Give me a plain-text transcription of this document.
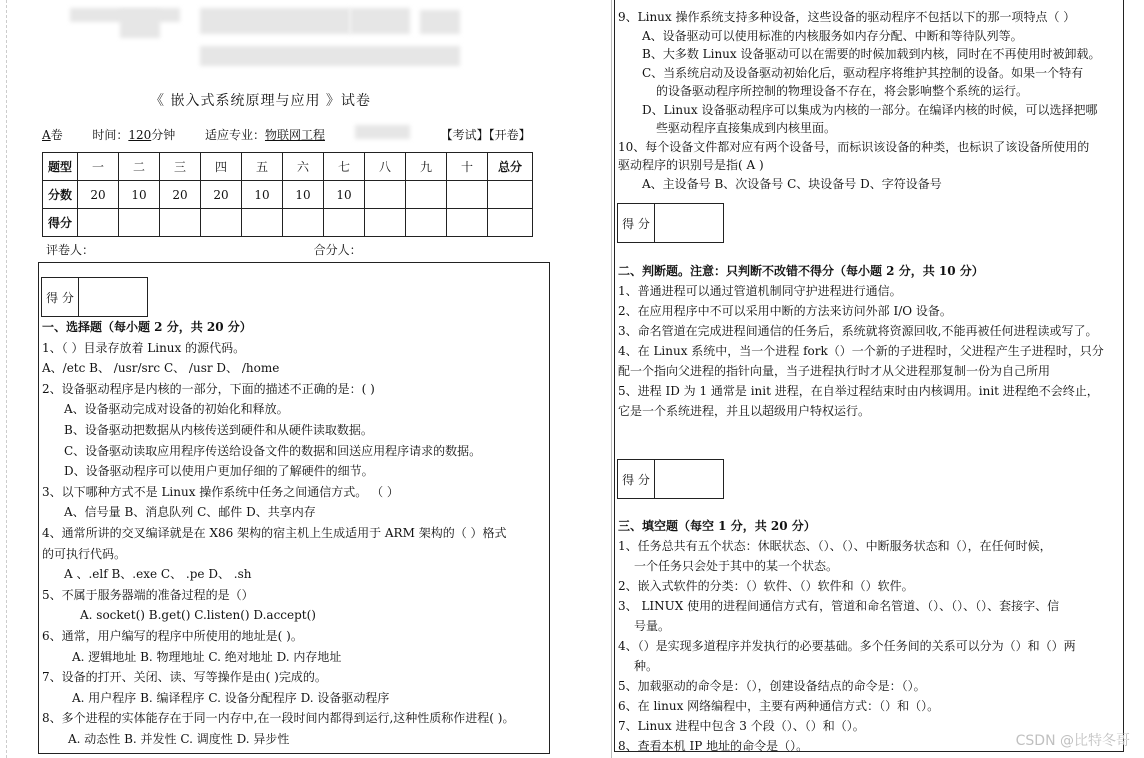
《 嵌入式系统原理与应用 》试卷
A卷 时间：120分钟 适应专业：物联网工程	【考试】【开卷】
题型	一	二	三	四	五	六	七	八	九	十	总分
分数	20	10	20	20	10	10	10				
得分											
评卷人：	合分人：
得 分
一、选择题（每小题 2 分，共 20 分）
1、（ ）目录存放着 Linux 的源代码。
A、/etc B、 /usr/src C、 /usr D、 /home
2、设备驱动程序是内核的一部分，下面的描述不正确的是：( )
A、设备驱动完成对设备的初始化和释放。
B、设备驱动把数据从内核传送到硬件和从硬件读取数据。
C、设备驱动读取应用程序传送给设备文件的数据和回送应用程序请求的数据。
D、设备驱动程序可以使用户更加仔细的了解硬件的细节。
3、以下哪种方式不是 Linux 操作系统中任务之间通信方式。 （ ）
A、信号量 B、消息队列 C、邮件 D、共享内存
4、通常所讲的交叉编译就是在 X86 架构的宿主机上生成适用于 ARM 架构的（ ）格式
的可执行代码。
A 、.elf B、.exe C、 .pe D、 .sh
5、不属于服务器端的准备过程的是（）
A. socket() B.get() C.listen() D.accept()
6、通常，用户编写的程序中所使用的地址是( )。
A. 逻辑地址 B. 物理地址 C. 绝对地址 D. 内存地址
7、设备的打开、关闭、读、写等操作是由( )完成的。
A. 用户程序 B. 编译程序 C. 设备分配程序 D. 设备驱动程序
8、多个进程的实体能存在于同一内存中,在一段时间内都得到运行,这种性质称作进程( )。
A. 动态性 B. 并发性 C. 调度性 D. 异步性
9、Linux 操作系统支持多种设备，这些设备的驱动程序不包括以下的那一项特点（ ）
A、设备驱动可以使用标准的内核服务如内存分配、中断和等待队列等。
B、大多数 Linux 设备驱动可以在需要的时候加载到内核，同时在不再使用时被卸载。
C、当系统启动及设备驱动初始化后，驱动程序将维护其控制的设备。如果一个特有
的设备驱动程序所控制的物理设备不存在，将会影响整个系统的运行。
D、Linux 设备驱动程序可以集成为内核的一部分。在编译内核的时候，可以选择把哪
些驱动程序直接集成到内核里面。
10、每个设备文件都对应有两个设备号，而标识该设备的种类，也标识了该设备所使用的
驱动程序的识别号是指( A )
A、主设备号 B、次设备号 C、块设备号 D、字符设备号
得 分
二、判断题。注意：只判断不改错不得分（每小题 2 分，共 10 分）
1、普通进程可以通过管道机制同守护进程进行通信。
2、在应用程序中不可以采用中断的方法来访问外部 I/O 设备。
3、命名管道在完成进程间通信的任务后，系统就将资源回收,不能再被任何进程读或写了。
4、在 Linux 系统中，当一个进程 fork（）一个新的子进程时，父进程产生子进程时，只分
配一个指向父进程的指针向量，当子进程执行时才从父进程那复制一份为自己所用
5、进程 ID 为 1 通常是 init 进程，在自举过程结束时由内核调用。init 进程绝不会终止，
它是一个系统进程，并且以超级用户特权运行。
得 分
三、填空题（每空 1 分，共 20 分）
1、任务总共有五个状态：休眠状态、（）、（）、中断服务状态和（），在任何时候，
一个任务只会处于其中的某一个状态。
2、嵌入式软件的分类：（）软件、（）软件和（）软件。
3、 LINUX 使用的进程间通信方式有，管道和命名管道、（）、（）、（）、套接字、信
号量。
4、（）是实现多道程序并发执行的必要基础。多个任务间的关系可以分为（）和（）两
种。
5、加载驱动的命令是：（），创建设备结点的命令是：（）。
6、在 linux 网络编程中，主要有两种通信方式：（）和（）。
7、Linux 进程中包含 3 个段（）、（）和（）。
8、查看本机 IP 地址的命令是（）。	CSDN @比特冬哥
